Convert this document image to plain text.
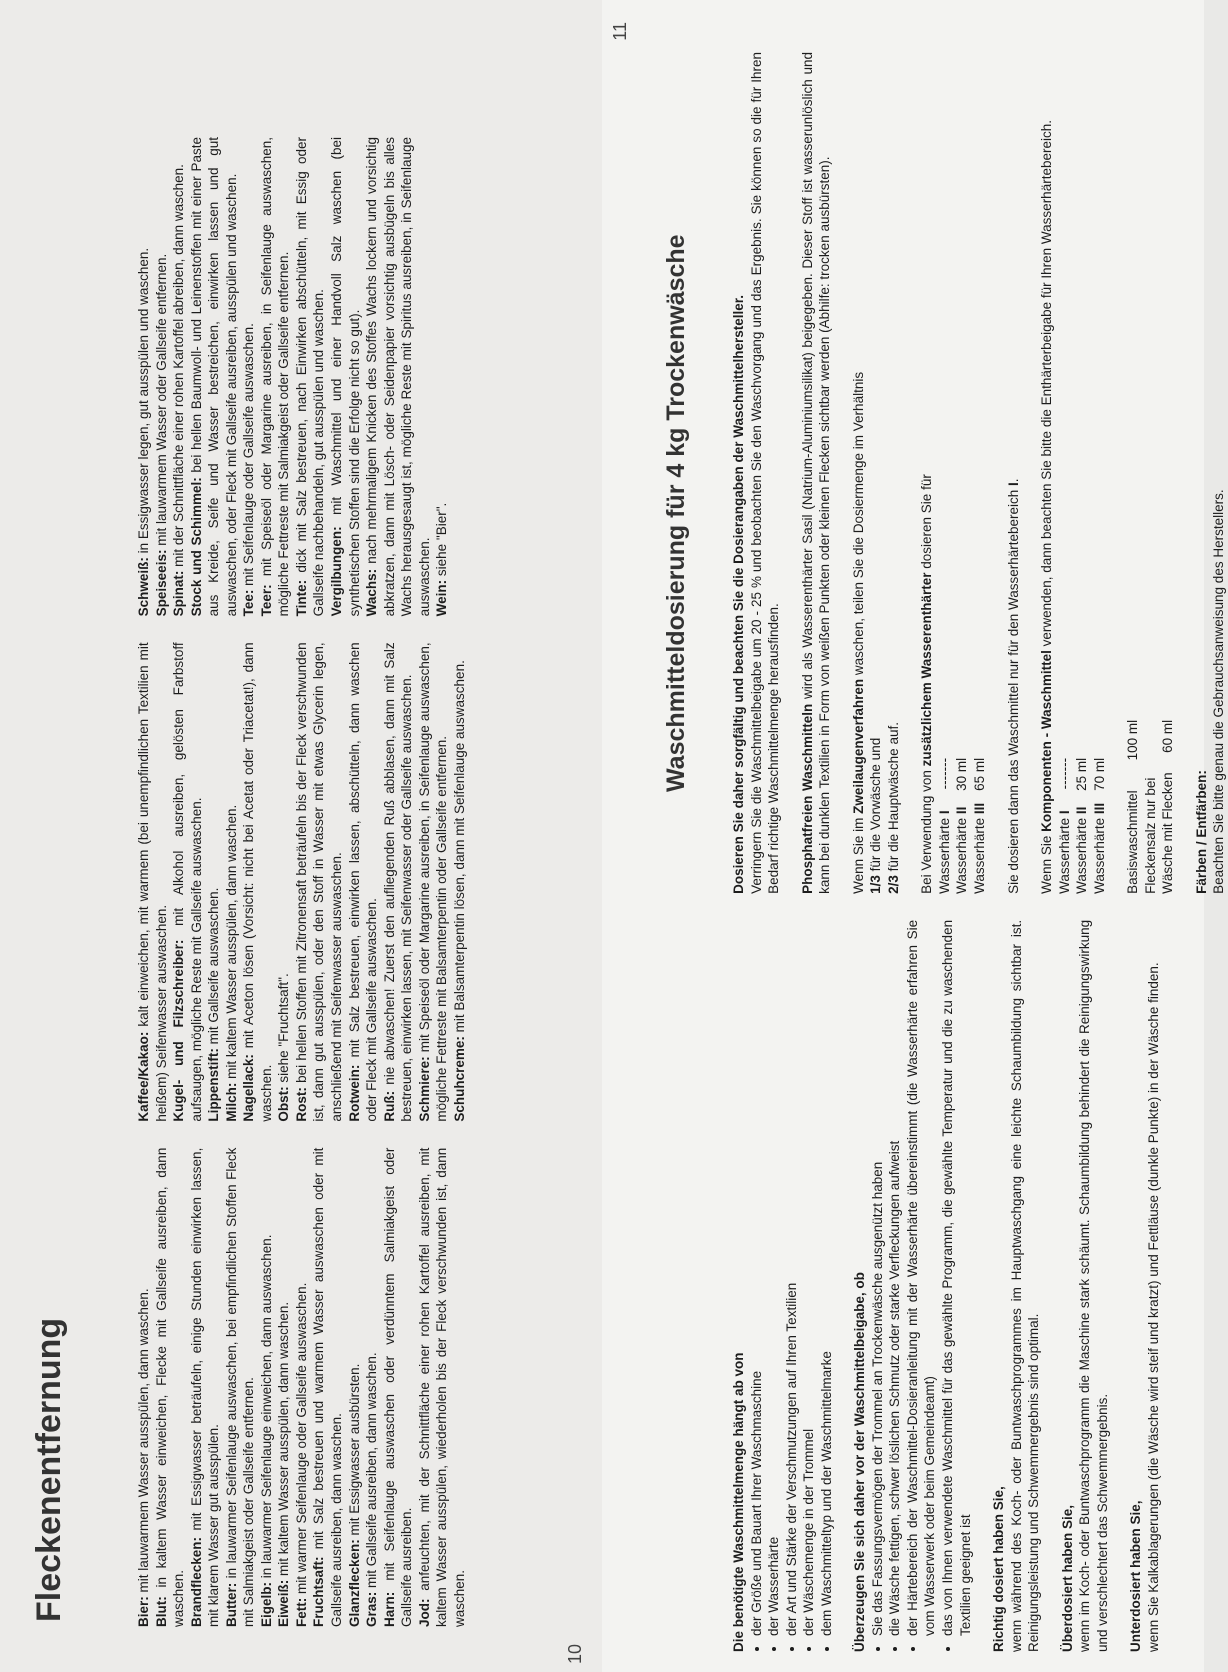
Fleckenentfernung	Bier: mit lauwarmem Wasser ausspülen, dann waschen.

Blut: in kaltem Wasser einweichen, Flecke mit Gallseife ausreiben, dann waschen. Brandflecken: mit Essigwasser beträufeln, einige Stunden einwirken lassen, mit klarem Wasser gut ausspülen. Butter: in lauwarmer Seifenlauge auswaschen, bei empfindlichen Stoffen Fleck mit Salmiakgeist oder Gallseife entfernen. Eigelb: in lauwarmer Seifenlauge einweichen, dann auswaschen.

Eiweiß: mit kaltem Wasser ausspülen, dann waschen.

Fett: mit warmer Seifenlauge oder Gallseife auswaschen. Fruchtsaft: mit Salz bestreuen und warmem Wasser auswaschen oder mit Gallseife ausreiben, dann waschen. Glanzflecken: mit Essigwasser ausbürsten.

Gras: mit Gallseife ausreiben, dann waschen.

Harn: mit Seifenlauge auswaschen oder verdünntem Salmiakgeist oder Gallseife ausreiben. Jod: anfeuchten, mit der Schnittfläche einer rohen Kartoffel ausreiben, mit kaltem Wasser ausspülen, wiederholen bis der Fleck verschwunden ist, dann waschen.

Kaffee/Kakao: kalt einweichen, mit warmem (bei unempfindlichen Textilien mit heißem) Seifenwasser auswaschen. Kugel- und Filzschreiber: mit Alkohol ausreiben, gelösten Farbstoff aufsaugen, mögliche Reste mit Gallseife auswaschen. Lippenstift: mit Gallseife auswaschen.

Milch: mit kaltem Wasser ausspülen, dann waschen.

Nagellack: mit Aceton lösen (Vorsicht: nicht bei Acetat oder Triacetat!), dann waschen. Obst: siehe "Fruchtsaft".

Rost: bei hellen Stoffen mit Zitronensaft beträufeln bis der Fleck verschwunden ist, dann gut ausspülen, oder den Stoff in Wasser mit etwas Glycerin legen, anschließend mit Seifenwasser auswaschen. Rotwein: mit Salz bestreuen, einwirken lassen, abschütteln, dann waschen oder Fleck mit Gallseife auswaschen. Ruß: nie abwaschen! Zuerst den aufliegenden Ruß abblasen, dann mit Salz bestreuen, einwirken lassen, mit Seifenwasser oder Gallseife auswaschen. Schmiere: mit Speiseöl oder Margarine ausreiben, in Seifenlauge auswaschen, mögliche Fettreste mit Balsamterpentin oder Gallseife entfernen. Schuhcreme: mit Balsamterpentin lösen, dann mit Seifenlauge auswaschen.

Schweiß: in Essigwasser legen, gut ausspülen und waschen.

Speiseeis: mit lauwarmem Wasser oder Gallseife entfernen.

Spinat: mit der Schnittfläche einer rohen Kartoffel abreiben, dann waschen. Stock und Schimmel: bei hellen Baumwoll- und Leinenstoffen mit einer Paste aus Kreide, Seife und Wasser bestreichen, einwirken lassen und gut auswaschen, oder Fleck mit Gallseife ausreiben, ausspülen und waschen. Tee: mit Seifenlauge oder Gallseife auswaschen.

Teer: mit Speiseöl oder Margarine ausreiben, in Seifenlauge auswaschen, mögliche Fettreste mit Salmiakgeist oder Gallseife entfernen. Tinte: dick mit Salz bestreuen, nach Einwirken abschütteln, mit Essig oder Gallseife nachbehandeln, gut ausspülen und waschen. Vergilbungen: mit Waschmittel und einer Handvoll Salz waschen (bei synthetischen Stoffen sind die Erfolge nicht so gut). Wachs: nach mehrmaligem Knicken des Stoffes Wachs lockern und vorsichtig abkratzen, dann mit Lösch- oder Seidenpapier vorsichtig ausbügeln bis alles Wachs herausgesaugt ist, mögliche Reste mit Spiritus ausreiben, in Seifenlauge auswaschen. Wein: siehe "Bier".

10
Waschmitteldosierung für 4 kg Trockenwäsche
11

Die benötigte Waschmittelmenge hängt ab von • der Größe und Bauart Ihrer Waschmaschine • der Wasserhärte • der Art und Stärke der Verschmutzungen auf Ihren Textilien • der Wäschemenge in der Trommel • dem Waschmitteltyp und der Waschmittelmarke Überzeugen Sie sich daher vor der Waschmittelbeigabe, ob • Sie das Fassungsvermögen der Trommel an Trockenwäsche ausgenützt haben • die Wäsche fettigen, schwer löslichen Schmutz oder starke Verfleckungen aufweist • der Härtebereich der Waschmittel-Dosieranleitung mit der Wasserhärte übereinstimmt (die Wasserhärte erfahren Sie vom Wasserwerk oder beim Gemeindeamt) • das von Ihnen verwendete Waschmittel für das gewählte Programm, die gewählte Temperatur und die zu waschenden Textilien geeignet ist Richtig dosiert haben Sie, wenn während des Koch- oder Buntwaschprogrammes im Hauptwaschgang eine leichte Schaumbildung sichtbar ist. Reinigungsleistung und Schwemmergebnis sind optimal. Überdosiert haben Sie, wenn im Koch- oder Buntwaschprogramm die Maschine stark schäumt. Schaumbildung behindert die Reinigungswirkung und verschlechtert das Schwemmergebnis. Unterdosiert haben Sie, wenn Sie Kalkablagerungen (die Wäsche wird steif und kratzt) und Fettläuse (dunkle Punkte) in der Wäsche finden.

Dosieren Sie daher sorgfältig und beachten Sie die Dosierangaben der Waschmittelhersteller. Verringern Sie die Waschmittelbeigabe um 20 - 25 % und beobachten Sie den Waschvorgang und das Ergebnis. Sie können so die für Ihren Bedarf richtige Waschmittelmenge herausfinden. Phosphatfreien Waschmitteln wird als Wasserenthärter Sasil (Natrium-Aluminiumsilikat) beigegeben. Dieser Stoff ist wasserunlöslich und kann bei dunklen Textilien in Form von weißen Punkten oder kleinen Flecken sichtbar werden (Abhilfe: trocken ausbürsten). Wenn Sie im Zweilaugenverfahren waschen, teilen Sie die Dosiermenge im Verhältnis

1/3 für die Vorwäsche und

2/3 für die Hauptwäsche auf. Bei Verwendung von zusätzlichem Wasserenthärter dosieren Sie für

Wasserhärte I	-------
Wasserhärte II	30 ml
Wasserhärte III	65 ml Sie dosieren dann das Waschmittel nur für den Wasserhärtebereich I.

Wenn Sie Komponenten - Waschmittel verwenden, dann beachten Sie bitte die Enthärterbeigabe für Ihren Wasserhärtebereich.

Wasserhärte I	-------
Wasserhärte II	25 ml
Wasserhärte III	70 ml
Basiswaschmittel	100 ml
Fleckensalz nur bei	
Wäsche mit Flecken	60 ml

Färben / Entfärben: Beachten Sie bitte genau die Gebrauchsanweisung des Herstellers.
